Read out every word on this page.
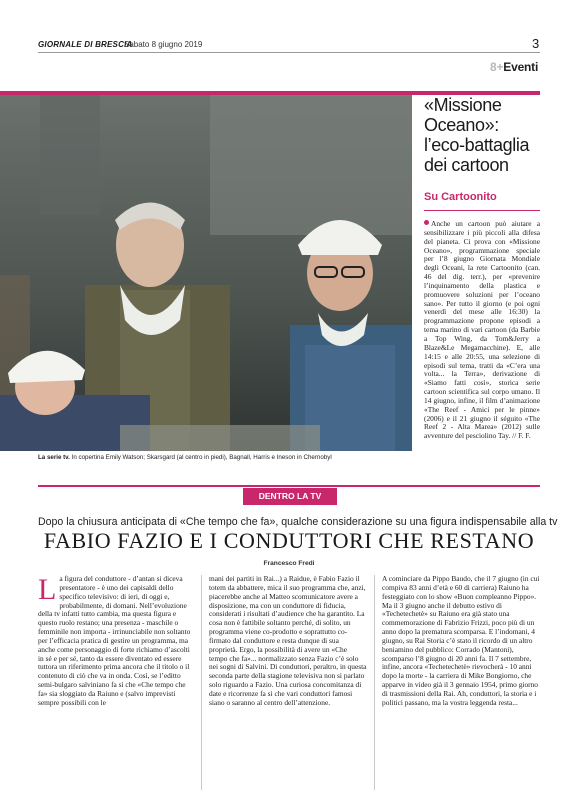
GIORNALE DI BRESCIA
Sabato 8 giugno 2019	3
8+Eventi
La serie tv. In copertina Emily Watson; Skarsgard (al centro in piedi), Bagnall, Harris e Ineson in Chernobyl
«Missione Oceano»: l’eco-battaglia dei cartoon
Su Cartoonito
Anche un cartoon può aiutare a sensibilizzare i più piccoli alla difesa del pianeta. Ci prova con «Missione Oceano», programmazione speciale per l’8 giugno Giornata Mondiale degli Oceani, la rete Cartoonito (can. 46 del dig. terr.), per «prevenire l’inquinamento della plastica e promuovere soluzioni per l’oceano sano». Per tutto il giorno (e poi ogni venerdì del mese alle 16:30) la programmazione propone episodi a tema marino di vari cartoon (da Barbie a Top Wing, da Tom&Jerry a Blaze&Le Megamacchine). E, alle 14:15 e alle 20:55, una selezione di episodi sul tema, tratti da «C’era una volta... la Terra», derivazione di «Siamo fatti così», storica serie cartoon scientifica sul corpo umano. Il 14 giugno, infine, il film d’animazione «The Reef - Amici per le pinne» (2006) e il 21 giugno il séguito «The Reef 2 - Alta Marea» (2012) sulle avventure del pesciolino Tay. // F. F.
DENTRO LA TV
Dopo la chiusura anticipata di «Che tempo che fa», qualche considerazione su una figura indispensabile alla tv
FABIO FAZIO E I CONDUTTORI CHE RESTANO
Francesco Fredi

La figura del conduttore - d’antan si diceva presentatore - è uno dei capisaldi dello specifico televisivo: di ieri, di oggi e, probabilmente, di domani. Nell’evoluzione della tv infatti tutto cambia, ma questa figura e questo ruolo restano; una presenza - maschile o femminile non importa - irrinunciabile non soltanto per l’efficacia pratica di gestire un programma, ma anche come personaggio di forte richiamo d’ascolti in sé e per sé, tanto da essere diventato ed essere tuttora un riferimento prima ancora che il titolo o il contenuto di ciò che va in onda. Così, se l’editto semi-bulgaro salviniano fa sì che «Che tempo che fa» sia sloggiato da Raiuno e (salvo imprevisti sempre possibili con le

mani dei partiti in Rai...) a Raidue, è Fabio Fazio il totem da abbattere, mica il suo programma che, anzi, piacerebbe anche al Matteo scomunicatore avere a disposizione, ma con un conduttore di fiducia, considerati i risultati d’audience che ha garantito. La cosa non è fattibile soltanto perché, di solito, un programma viene co-prodotto e soprattutto co-firmato dal conduttore e resta dunque di sua proprietà. Ergo, la possibilità di avere un «Che tempo che fa»... normalizzato senza Fazio c’è solo nei sogni di Salvini. Di conduttori, peraltro, in questa seconda parte della stagione televisiva non si parlato solo riguardo a Fazio. Una curiosa concomitanza di date e ricorrenze fa sì che vari conduttori famosi siano o saranno al centro dell’attenzione.

A cominciare da Pippo Baudo, che il 7 giugno (in cui compiva 83 anni d’età e 60 di carriera) Raiuno ha festeggiato con lo show «Buon compleanno Pippo». Ma il 3 giugno anche il debutto estivo di «Techetechetè» su Raiuno era già stato una commemorazione di Fabrizio Frizzi, poco più di un anno dopo la prematura scomparsa. E l’indomani, 4 giugno, su Rai Storia c’è stato il ricordo di un altro beniamino del pubblico: Corrado (Mantoni), scomparso l’8 giugno di 20 anni fa. Il 7 settembre, infine, ancora «Techetechetè» rievocherà - 10 anni dopo la morte - la carriera di Mike Bongiorno, che apparve in video già il 3 gennaio 1954, primo giorno di trasmissioni della Rai. Ah, conduttori, la storia e i politici passano, ma la vostra leggenda resta...
